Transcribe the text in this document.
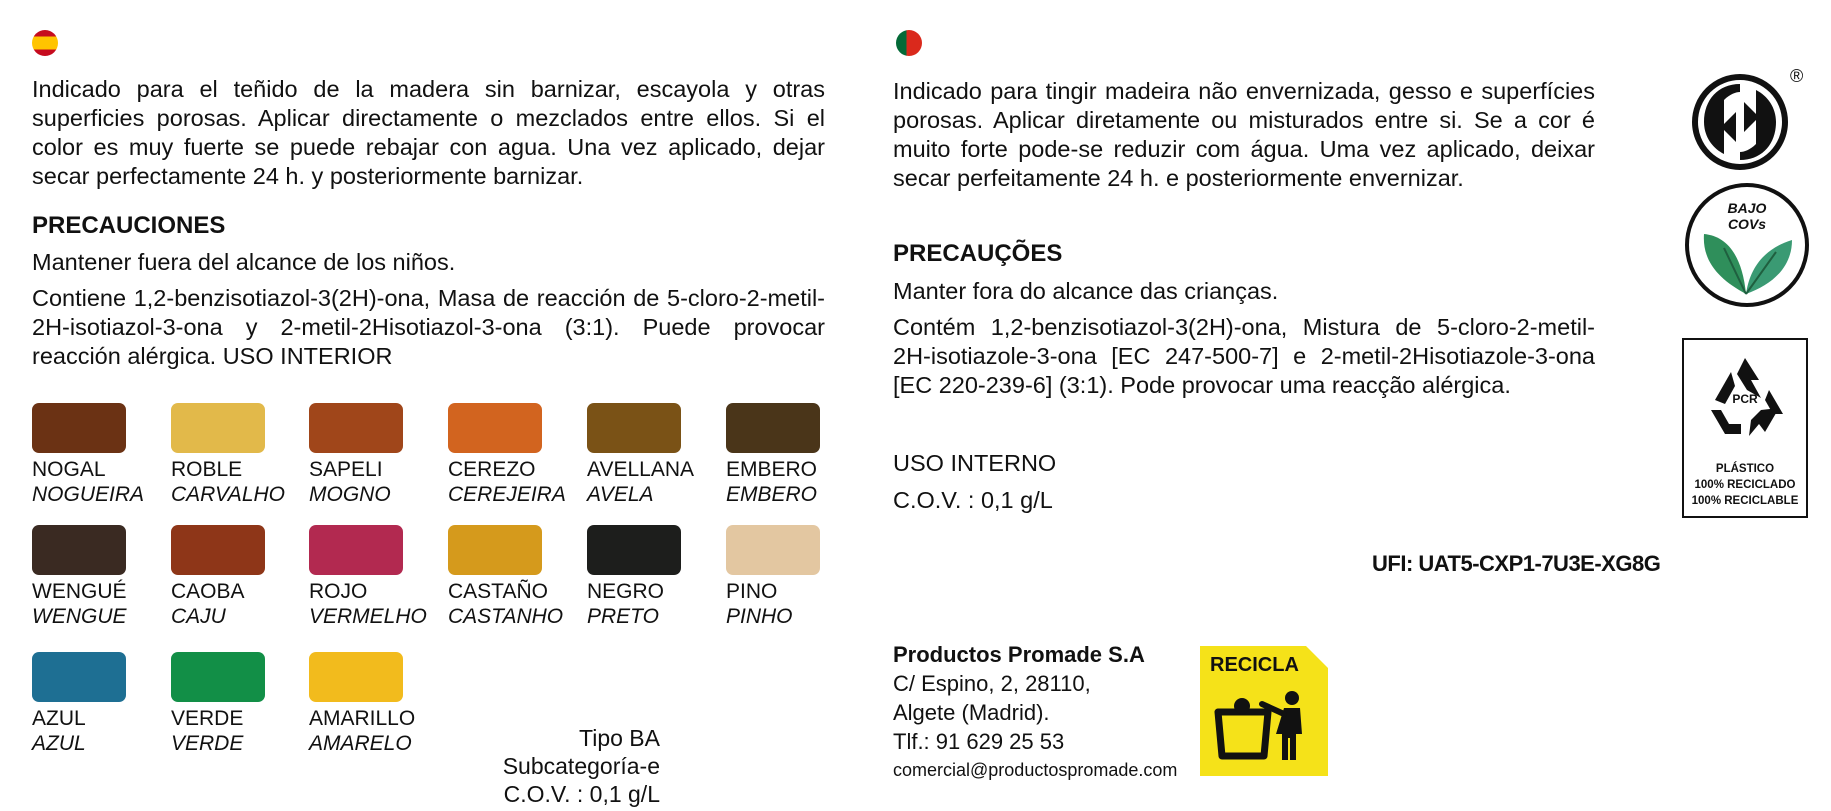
Indicado para el teñido de la madera sin barnizar, escayola y otras superficies porosas. Aplicar directamente o mezclados entre ellos. Si el color es muy fuerte se puede rebajar con agua. Una vez aplicado, dejar secar perfectamente 24 h. y posteriormente barnizar.
PRECAUCIONES
Mantener fuera del alcance de los niños.
Contiene 1,2-benzisotiazol-3(2H)-ona, Masa de reacción de 5-cloro-2-metil-2H-isotiazol-3-ona y 2-metil-2Hisotiazol-3-ona (3:1). Puede provocar reacción alérgica. USO INTERIOR
NOGAL
NOGUEIRA
ROBLE
CARVALHO
SAPELI
MOGNO
CEREZO
CEREJEIRA
AVELLANA
AVELA
EMBERO
EMBERO
WENGUÉ
WENGUE
CAOBA
CAJU
ROJO
VERMELHO
CASTAÑO
CASTANHO
NEGRO
PRETO
PINO
PINHO
AZUL
AZUL
VERDE
VERDE
AMARILLO
AMARELO	Tipo BA
Subcategoría-e
C.O.V. : 0,1 g/L
Indicado para tingir madeira não envernizada, gesso e superfícies porosas. Aplicar diretamente ou misturados entre si. Se a cor é muito forte pode-se reduzir com água. Uma vez aplicado, deixar secar perfeitamente 24 h. e posteriormente envernizar.
PRECAUÇÕES
Manter fora do alcance das crianças.
Contém 1,2-benzisotiazol-3(2H)-ona, Mistura de 5-cloro-2-metil-2H-isotiazole-3-ona [EC 247-500-7] e 2-metil-2Hisotiazole-3-ona [EC 220-239-6] (3:1). Pode provocar uma reacção alérgica.
USO INTERNO
C.O.V. : 0,1 g/L
UFI: UAT5-CXP1-7U3E-XG8G
Productos Promade S.A
C/ Espino, 2, 28110,
Algete (Madrid).
Tlf.: 91 629 25 53
comercial@productospromade.com
RECICLA
®
BAJO
COVs
PCR
PLÁSTICO
100% RECICLADO
100% RECICLABLE
